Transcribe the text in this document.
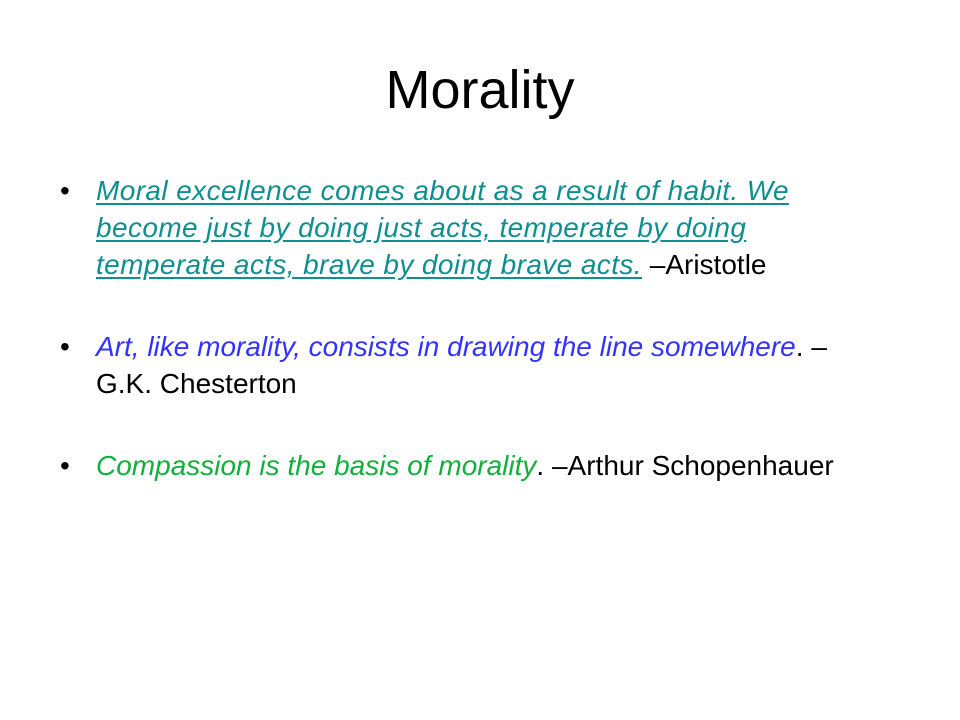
Morality
• Moral excellence comes about as a result of habit. We become just by doing just acts, temperate by doing temperate acts, brave by doing brave acts. –Aristotle
• Art, like morality, consists in drawing the line somewhere. –G.K. Chesterton
• Compassion is the basis of morality. –Arthur Schopenhauer
